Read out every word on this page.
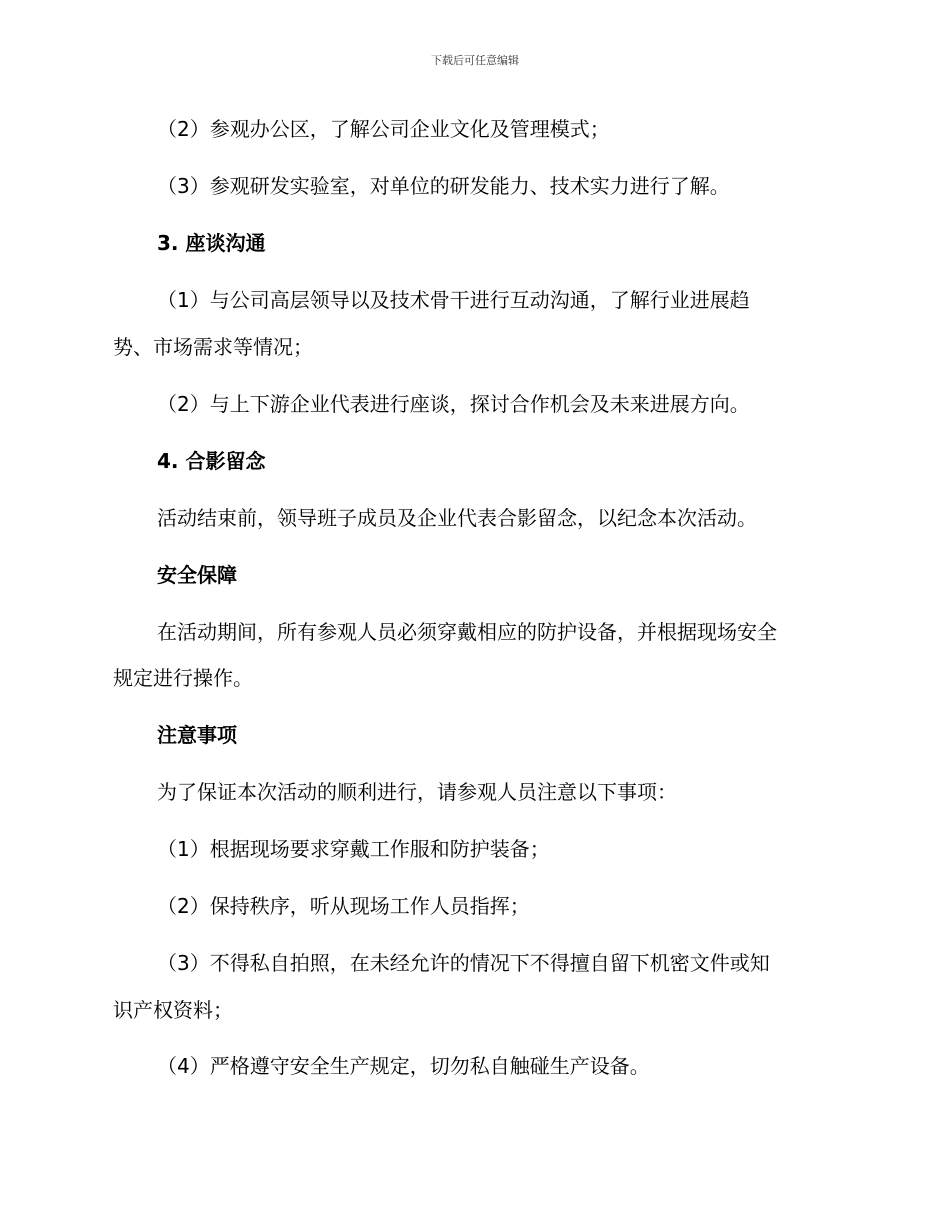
下载后可任意编辑
（2）参观办公区，了解公司企业文化及管理模式；
（3）参观研发实验室，对单位的研发能力、技术实力进行了解。
3. 座谈沟通
（1）与公司高层领导以及技术骨干进行互动沟通，了解行业进展趋
势、市场需求等情况；
（2）与上下游企业代表进行座谈，探讨合作机会及未来进展方向。
4. 合影留念
活动结束前，领导班子成员及企业代表合影留念，以纪念本次活动。
安全保障
在活动期间，所有参观人员必须穿戴相应的防护设备，并根据现场安全
规定进行操作。
注意事项
为了保证本次活动的顺利进行，请参观人员注意以下事项：
（1）根据现场要求穿戴工作服和防护装备；
（2）保持秩序，听从现场工作人员指挥；
（3）不得私自拍照，在未经允许的情况下不得擅自留下机密文件或知
识产权资料；
（4）严格遵守安全生产规定，切勿私自触碰生产设备。
